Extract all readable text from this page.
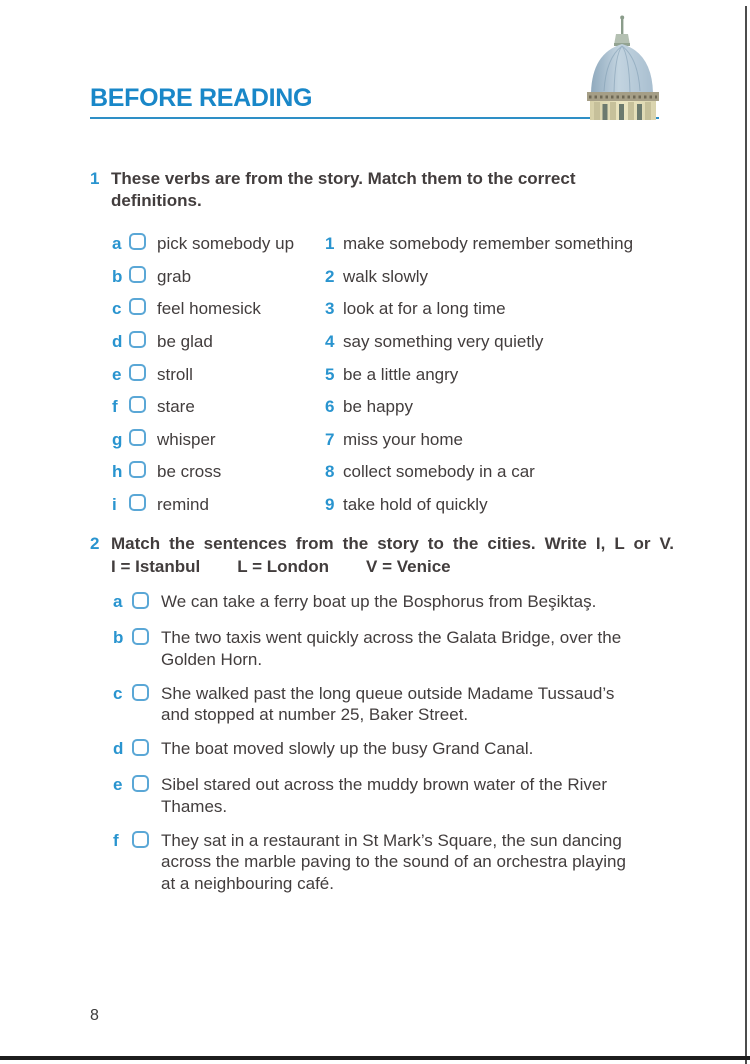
BEFORE READING
1 These verbs are from the story. Match them to the correct
definitions.
a	pick somebody up	1 make somebody remember something
b	grab	2 walk slowly
c	feel homesick	3 look at for a long time
d	be glad	4 say something very quietly
e	stroll	5 be a little angry
f	stare	6 be happy
g	whisper	7 miss your home
h	be cross	8 collect somebody in a car
i	remind	9 take hold of quickly
2 Match the sentences from the story to the cities. Write I, L or V.
I = Istanbul L = London V = Venice
a	We can take a ferry boat up the Bosphorus from Beşiktaş.
b	The two taxis went quickly across the Galata Bridge, over the
Golden Horn.
c	She walked past the long queue outside Madame Tussaud’s
and stopped at number 25, Baker Street.
d	The boat moved slowly up the busy Grand Canal.
e	Sibel stared out across the muddy brown water of the River
Thames.
f	They sat in a restaurant in St Mark’s Square, the sun dancing
across the marble paving to the sound of an orchestra playing
at a neighbouring café.
8
